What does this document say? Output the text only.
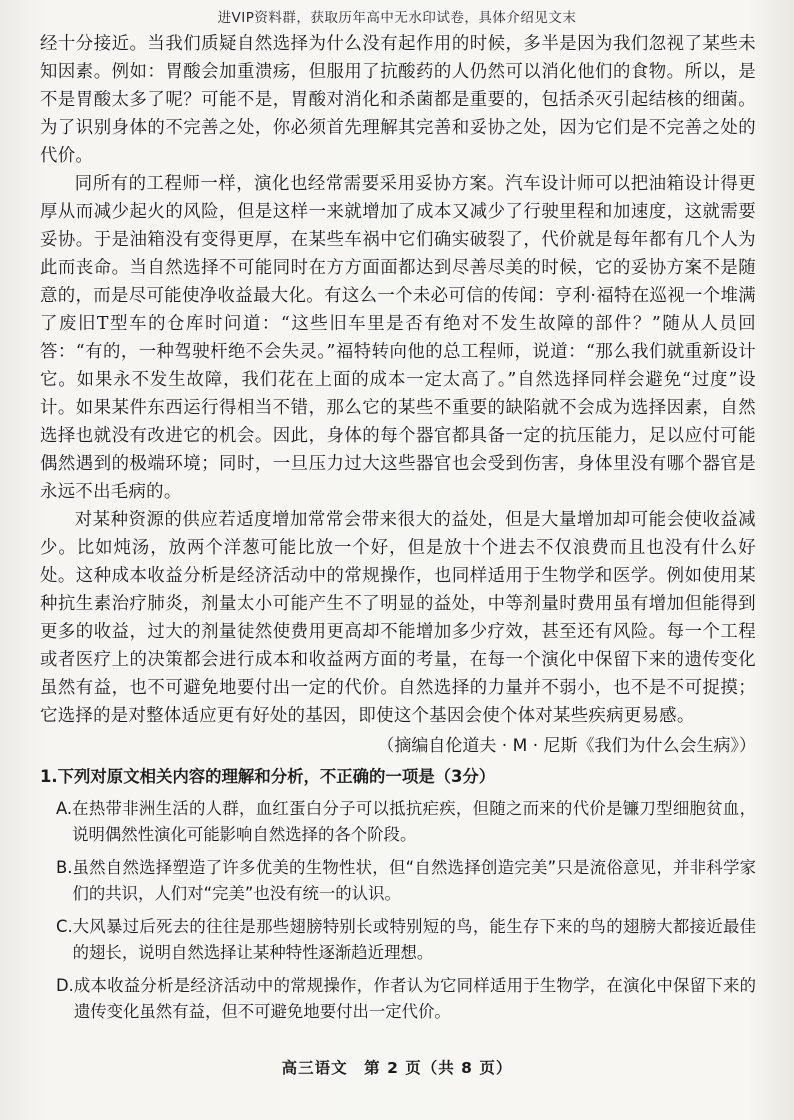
进VIP资料群，获取历年高中无水印试卷，具体介绍见文末

经十分接近。当我们质疑自然选择为什么没有起作用的时候，多半是因为我们忽视了某些未知因素。例如：胃酸会加重溃疡，但服用了抗酸药的人仍然可以消化他们的食物。所以，是不是胃酸太多了呢？可能不是，胃酸对消化和杀菌都是重要的，包括杀灭引起结核的细菌。为了识别身体的不完善之处，你必须首先理解其完善和妥协之处，因为它们是不完善之处的代价。

同所有的工程师一样，演化也经常需要采用妥协方案。汽车设计师可以把油箱设计得更厚从而减少起火的风险，但是这样一来就增加了成本又减少了行驶里程和加速度，这就需要妥协。于是油箱没有变得更厚，在某些车祸中它们确实破裂了，代价就是每年都有几个人为此而丧命。当自然选择不可能同时在方方面面都达到尽善尽美的时候，它的妥协方案不是随意的，而是尽可能使净收益最大化。有这么一个未必可信的传闻：亨利·福特在巡视一个堆满了废旧T型车的仓库时问道：“这些旧车里是否有绝对不发生故障的部件？”随从人员回答：“有的，一种驾驶杆绝不会失灵。”福特转向他的总工程师，说道：“那么我们就重新设计它。如果永不发生故障，我们花在上面的成本一定太高了。”自然选择同样会避免“过度”设计。如果某件东西运行得相当不错，那么它的某些不重要的缺陷就不会成为选择因素，自然选择也就没有改进它的机会。因此，身体的每个器官都具备一定的抗压能力，足以应付可能偶然遇到的极端环境；同时，一旦压力过大这些器官也会受到伤害，身体里没有哪个器官是永远不出毛病的。

对某种资源的供应若适度增加常常会带来很大的益处，但是大量增加却可能会使收益减少。比如炖汤，放两个洋葱可能比放一个好，但是放十个进去不仅浪费而且也没有什么好处。这种成本收益分析是经济活动中的常规操作，也同样适用于生物学和医学。例如使用某种抗生素治疗肺炎，剂量太小可能产生不了明显的益处，中等剂量时费用虽有增加但能得到更多的收益，过大的剂量徒然使费用更高却不能增加多少疗效，甚至还有风险。每一个工程或者医疗上的决策都会进行成本和收益两方面的考量，在每一个演化中保留下来的遗传变化虽然有益，也不可避免地要付出一定的代价。自然选择的力量并不弱小，也不是不可捉摸；它选择的是对整体适应更有好处的基因，即使这个基因会使个体对某些疾病更易感。

（摘编自伦道夫 · M · 尼斯《我们为什么会生病》）
1.下列对原文相关内容的理解和分析，不正确的一项是（3分）
A. 在热带非洲生活的人群，血红蛋白分子可以抵抗疟疾，但随之而来的代价是镰刀型细胞贫血，说明偶然性演化可能影响自然选择的各个阶段。
B. 虽然自然选择塑造了许多优美的生物性状，但“自然选择创造完美”只是流俗意见，并非科学家们的共识，人们对“完美”也没有统一的认识。
C. 大风暴过后死去的往往是那些翅膀特别长或特别短的鸟，能生存下来的鸟的翅膀大都接近最佳的翅长，说明自然选择让某种特性逐渐趋近理想。
D. 成本收益分析是经济活动中的常规操作，作者认为它同样适用于生物学，在演化中保留下来的遗传变化虽然有益，但不可避免地要付出一定代价。
高三语文　第 2 页（共 8 页）
